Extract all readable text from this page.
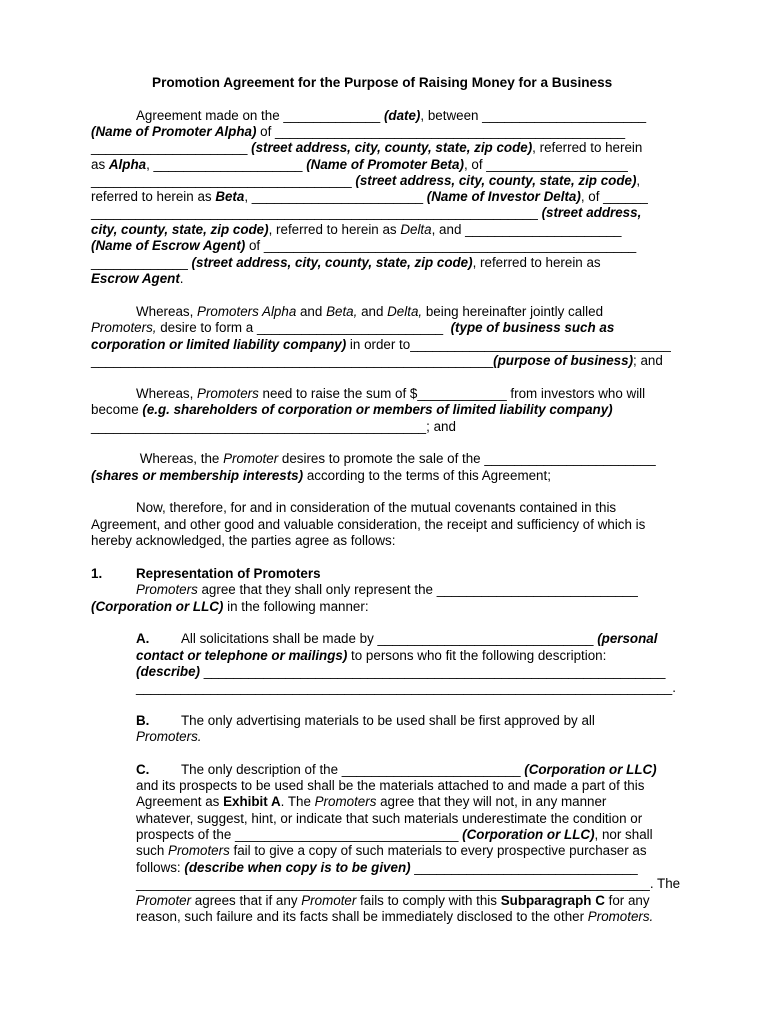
Promotion Agreement for the Purpose of Raising Money for a Business
Agreement made on the _____________ (date), between ______________________
(Name of Promoter Alpha) of _______________________________________________
_____________________ (street address, city, county, state, zip code), referred to herein
as Alpha, ____________________ (Name of Promoter Beta), of ___________________
___________________________________ (street address, city, county, state, zip code),
referred to herein as Beta, _______________________ (Name of Investor Delta), of ______
____________________________________________________________ (street address,
city, county, state, zip code), referred to herein as Delta, and _____________________
(Name of Escrow Agent) of __________________________________________________
_____________ (street address, city, county, state, zip code), referred to herein as
Escrow Agent.
Whereas, Promoters Alpha and Beta, and Delta, being hereinafter jointly called
Promoters, desire to form a _________________________  (type of business such as
corporation or limited liability company) in order to___________________________________
______________________________________________________(purpose of business); and
Whereas, Promoters need to raise the sum of $____________ from investors who will
become (e.g. shareholders of corporation or members of limited liability company)
_____________________________________________; and
Whereas, the Promoter desires to promote the sale of the _______________________
(shares or membership interests) according to the terms of this Agreement;
Now, therefore, for and in consideration of the mutual covenants contained in this
Agreement, and other good and valuable consideration, the receipt and sufficiency of which is
hereby acknowledged, the parties agree as follows:
1.	Representation of Promoters
Promoters agree that they shall only represent the ___________________________
(Corporation or LLC) in the following manner:
A. All solicitations shall be made by _____________________________ (personal
contact or telephone or mailings) to persons who fit the following description:
(describe) ______________________________________________________________
________________________________________________________________________.
B. The only advertising materials to be used shall be first approved by all
Promoters.
C. The only description of the ________________________ (Corporation or LLC)
and its prospects to be used shall be the materials attached to and made a part of this
Agreement as Exhibit A. The Promoters agree that they will not, in any manner
whatever, suggest, hint, or indicate that such materials underestimate the condition or
prospects of the ______________________________ (Corporation or LLC), nor shall
such Promoters fail to give a copy of such materials to every prospective purchaser as
follows: (describe when copy is to be given) ______________________________
_____________________________________________________________________. The
Promoter agrees that if any Promoter fails to comply with this Subparagraph C for any
reason, such failure and its facts shall be immediately disclosed to the other Promoters.
